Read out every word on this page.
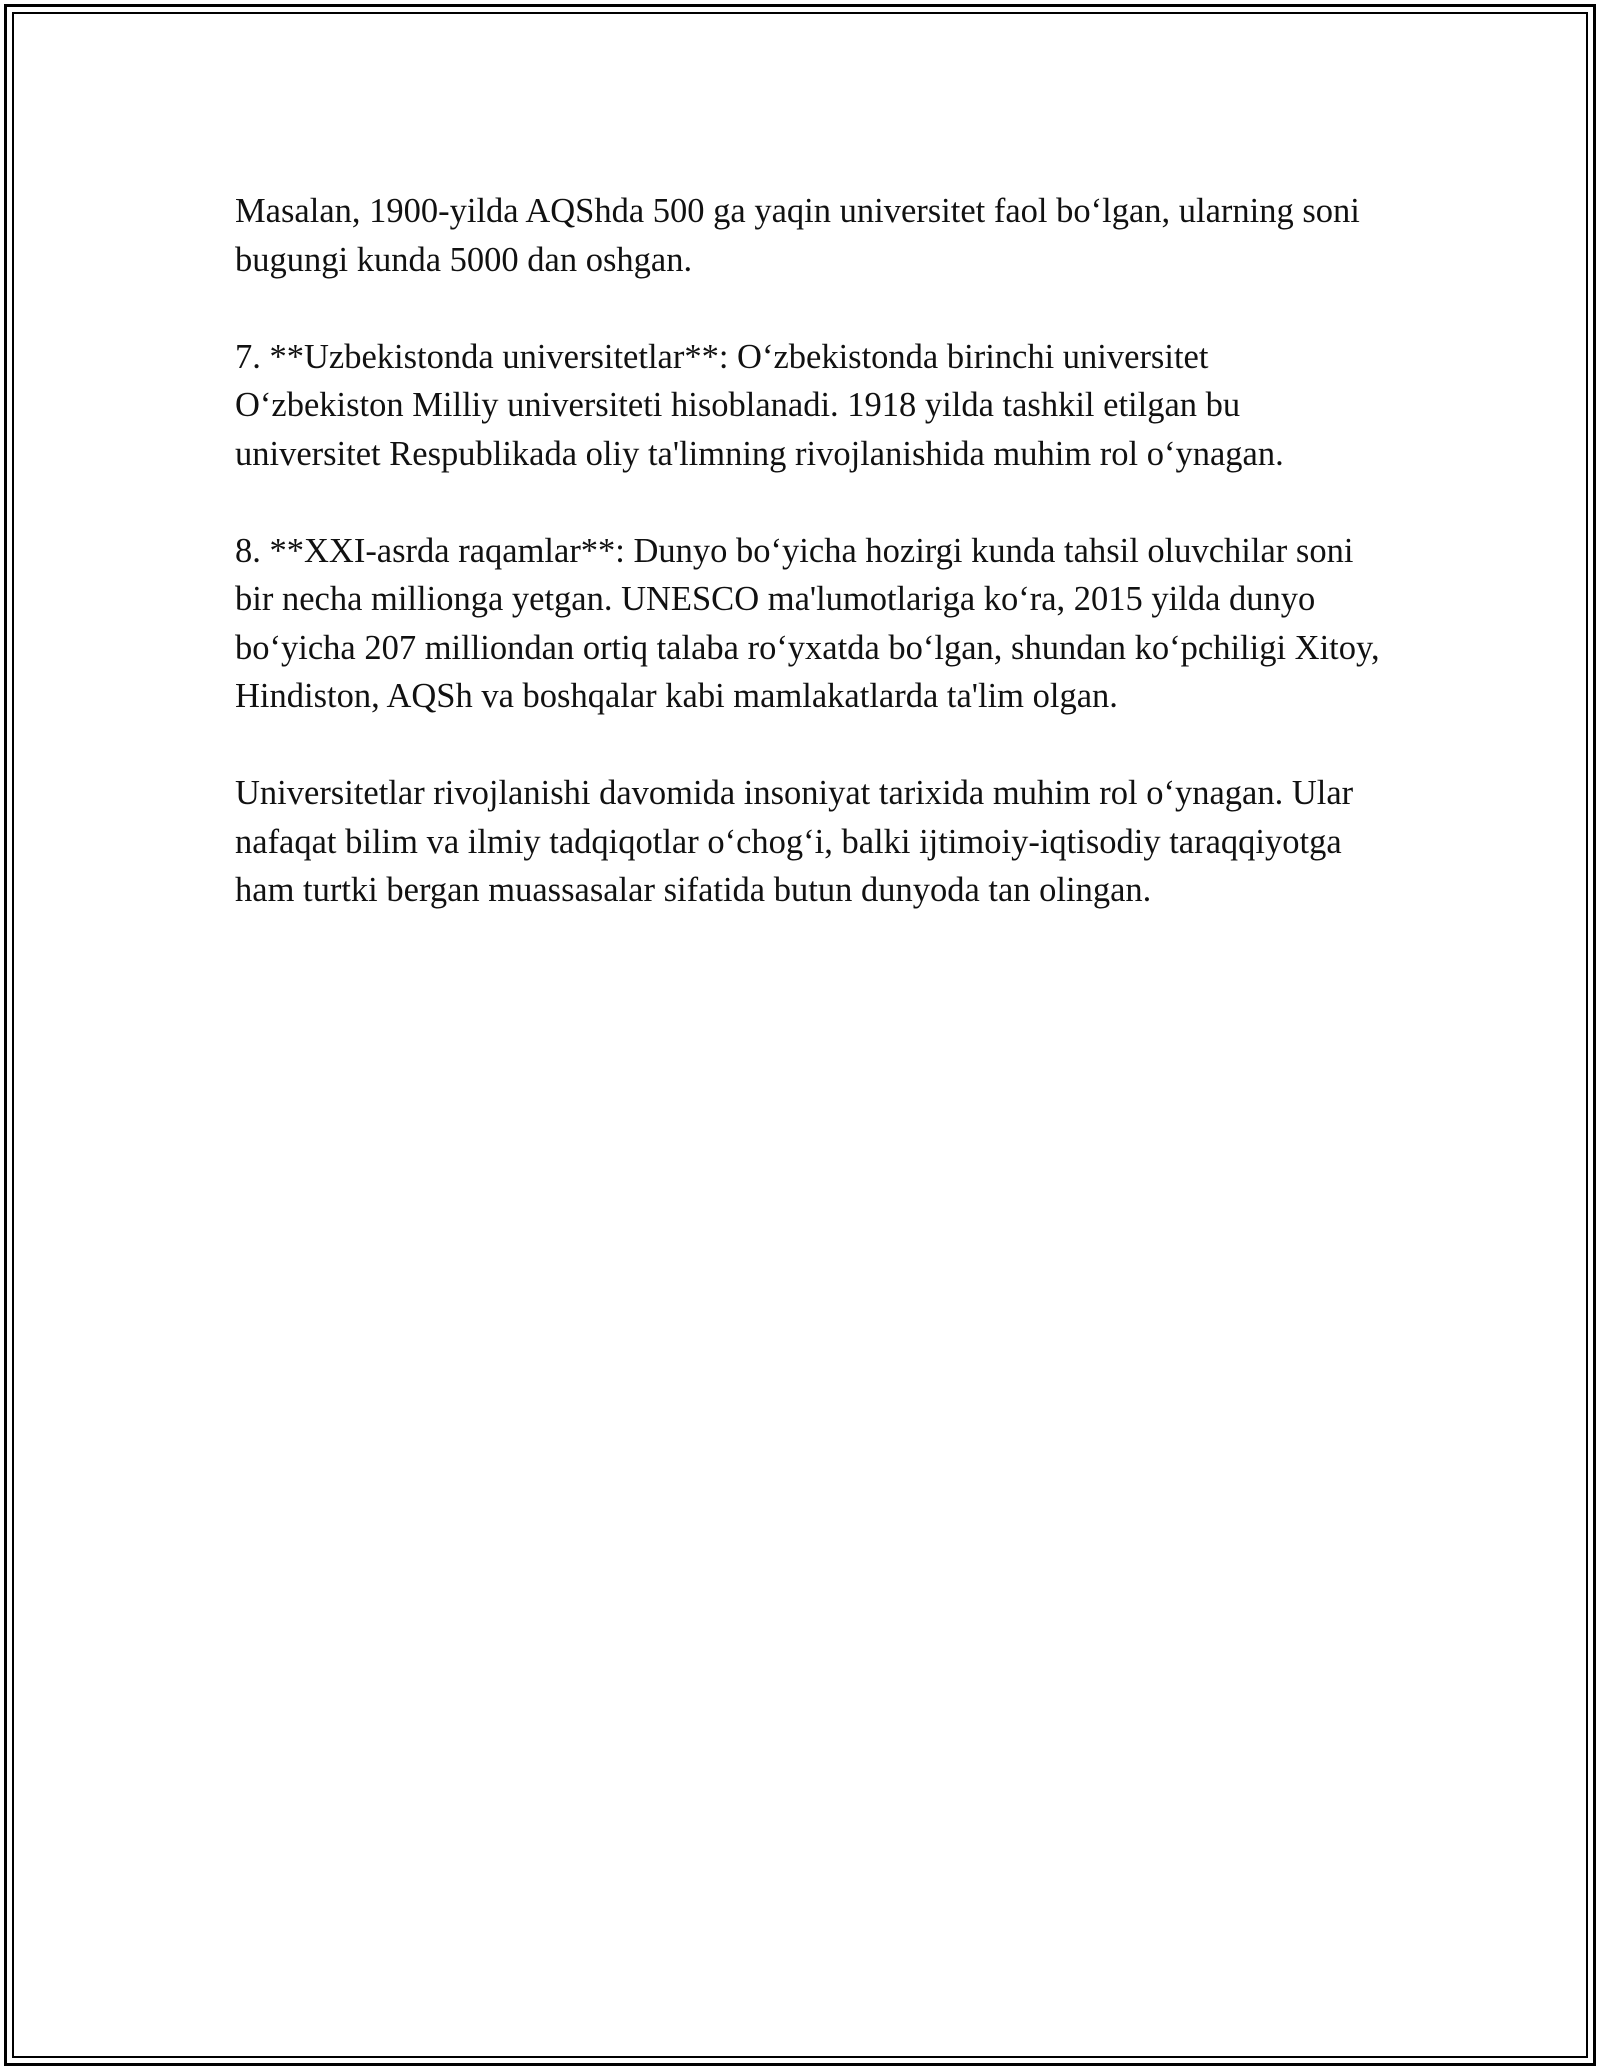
Masalan, 1900-yilda AQShda 500 ga yaqin universitet faol bo‘lgan, ularning soni bugungi kunda 5000 dan oshgan.

7. **Uzbekistonda universitetlar**: O‘zbekistonda birinchi universitet O‘zbekiston Milliy universiteti hisoblanadi. 1918 yilda tashkil etilgan bu universitet Respublikada oliy ta'limning rivojlanishida muhim rol o‘ynagan.

8. **XXI-asrda raqamlar**: Dunyo bo‘yicha hozirgi kunda tahsil oluvchilar soni bir necha millionga yetgan. UNESCO ma'lumotlariga ko‘ra, 2015 yilda dunyo bo‘yicha 207 milliondan ortiq talaba ro‘yxatda bo‘lgan, shundan ko‘pchiligi Xitoy, Hindiston, AQSh va boshqalar kabi mamlakatlarda ta'lim olgan.

Universitetlar rivojlanishi davomida insoniyat tarixida muhim rol o‘ynagan. Ular nafaqat bilim va ilmiy tadqiqotlar o‘chog‘i, balki ijtimoiy-iqtisodiy taraqqiyotga ham turtki bergan muassasalar sifatida butun dunyoda tan olingan.
